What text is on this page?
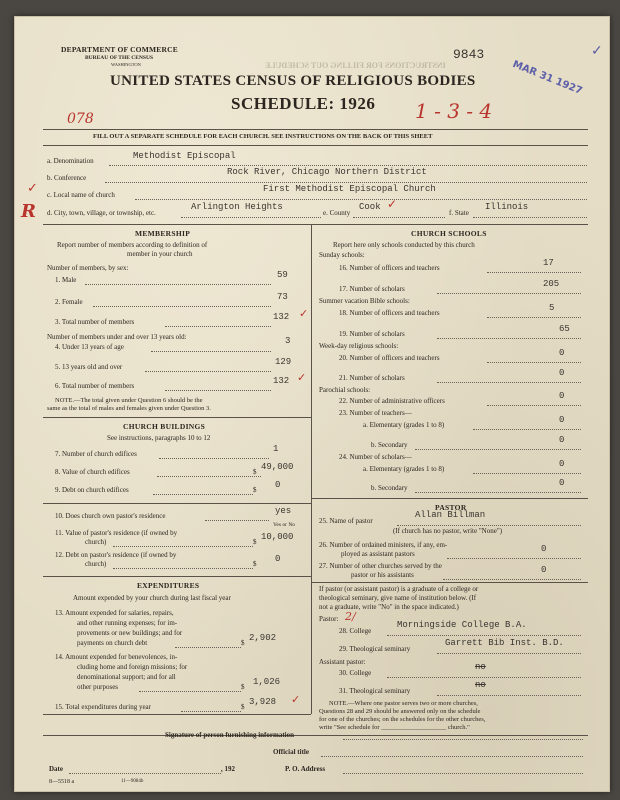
INSTRUCTIONS FOR FILLING OUT SCHEDULE
DEPARTMENT OF COMMERCE
BUREAU OF THE CENSUS
WASHINGTON
9843
MAR 31 1927
✓
UNITED STATES CENSUS OF RELIGIOUS BODIES
SCHEDULE: 1926
078	1 - 3 - 4
FILL OUT A SEPARATE SCHEDULE FOR EACH CHURCH. SEE INSTRUCTIONS ON THE BACK OF THIS SHEET
a. Denomination	Methodist Episcopal
b. Conference
Rock River, Chicago Northern District
✓ c. Local name of church
First Methodist Episcopal Church
R d. City, town, village, or township, etc.
Arlington Heights
e. County
Cook ✓
f. State
Illinois
MEMBERSHIP
Report number of members according to definition of
member in your church
Number of members, by sex:
1. Male	59
2. Female	73
3. Total number of members	132 ✓
Number of members under and over 13 years old:
4. Under 13 years of age
3
5. 13 years old and over	129
6. Total number of members	132 ✓
NOTE.—The total given under Question 6 should be the
same as the total of males and females given under Question 3.
CHURCH BUILDINGS
See instructions, paragraphs 10 to 12
7. Number of church edifices	1
8. Value of church edifices	$ 49,000
9. Debt on church edifices	$ 0
10. Does church own pastor's residence	yes
Yes or No
11. Value of pastor's residence (if owned by
church)	$ 10,000
12. Debt on pastor's residence (if owned by
church)	$ 0
EXPENDITURES
Amount expended by your church during last fiscal year
13. Amount expended for salaries, repairs,
and other running expenses; for im-
provements or new buildings; and for
payments on church debt	$ 2,902
14. Amount expended for benevolences, in-
cluding home and foreign missions; for
denominational support; and for all
other purposes	$ 1,026
15. Total expenditures during year	$ 3,928 ✓
CHURCH SCHOOLS
Report here only schools conducted by this church
Sunday schools:
16. Number of officers and teachers	17
17. Number of scholars	205
Summer vacation Bible schools:
18. Number of officers and teachers	5
19. Number of scholars	65
Week-day religious schools:
20. Number of officers and teachers	0
21. Number of scholars	0
Parochial schools:
22. Number of administrative officers	0
23. Number of teachers—
a. Elementary (grades 1 to 8)	0
b. Secondary	0
24. Number of scholars—
a. Elementary (grades 1 to 8)	0
b. Secondary	0
PASTOR
25. Name of pastor
Allan Billman
(If church has no pastor, write "None")
26. Number of ordained ministers, if any, em-
ployed as assistant pastors	0
27. Number of other churches served by the
pastor or his assistants	0
If pastor (or assistant pastor) is a graduate of a college or
theological seminary, give name of institution below. (If
not a graduate, write "No" in the space indicated.)
Pastor: 2/
28. College
Morningside College B.A.
29. Theological seminary
Garrett Bib Inst. B.D.
Assistant pastor:
30. College
no
31. Theological seminary
no
NOTE.—Where one pastor serves two or more churches,
Questions 28 and 29 should be answered only on the schedule
for one of the churches; on the schedules for the other churches,
write "See schedule for ____________________ church."
Signature of person furnishing information
Official title
Date	, 192	P. O. Address
8—5518 a	11—9084b
